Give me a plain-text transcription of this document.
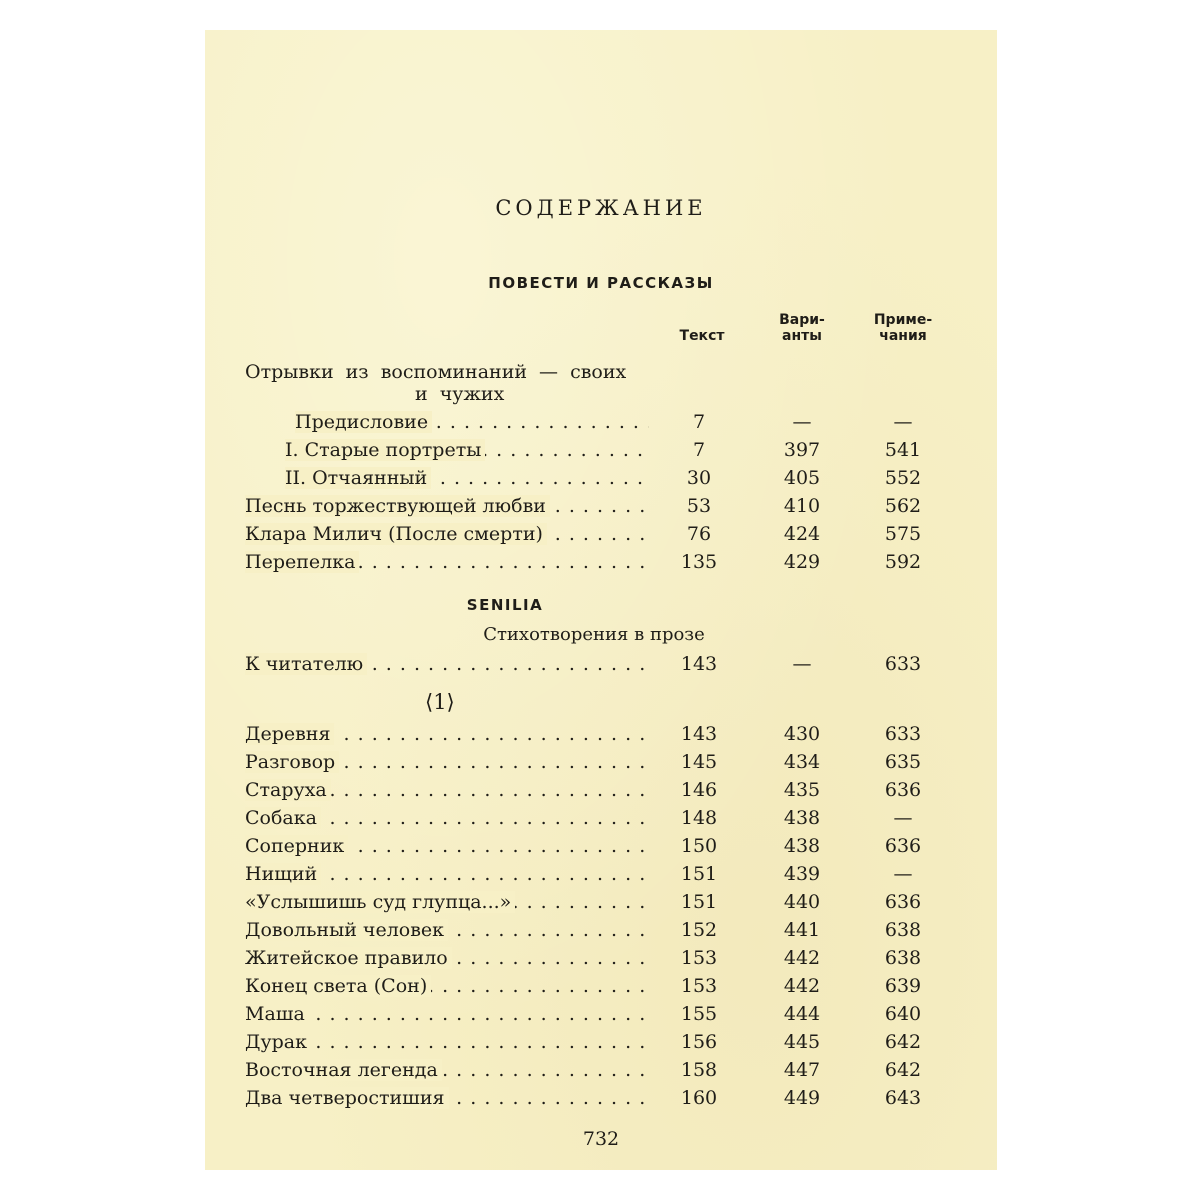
СОДЕРЖАНИЕ
ПОВЕСТИ И РАССКАЗЫ
Текст
Вари-
анты
Приме-
чания
Отрывки из воспоминаний — своих
и чужих
Предисловие . . .	7	—	—
I. Старые портреты . . .	7	397	541
II. Отчаянный . . .	30	405	552
Песнь торжествующей любви . . .	53	410	562
Клара Милич (После смерти) . . .	76	424	575
Перепелка . . .	135	429	592
SENILIA
Стихотворения в прозе
К читателю . . .	143	—	633
⟨1⟩
Деревня . . .	143	430	633
Разговор . . .	145	434	635
Старуха . . .	146	435	636
Собака . . .	148	438	—
Соперник . . .	150	438	636
Нищий . . .	151	439	—
«Услышишь суд глупца...» . . .	151	440	636
Довольный человек . . .	152	441	638
Житейское правило . . .	153	442	638
Конец света (Сон) . . .	153	442	639
Маша . . .	155	444	640
Дурак . . .	156	445	642
Восточная легенда . . .	158	447	642
Два четверостишия . . .	160	449	643
732
